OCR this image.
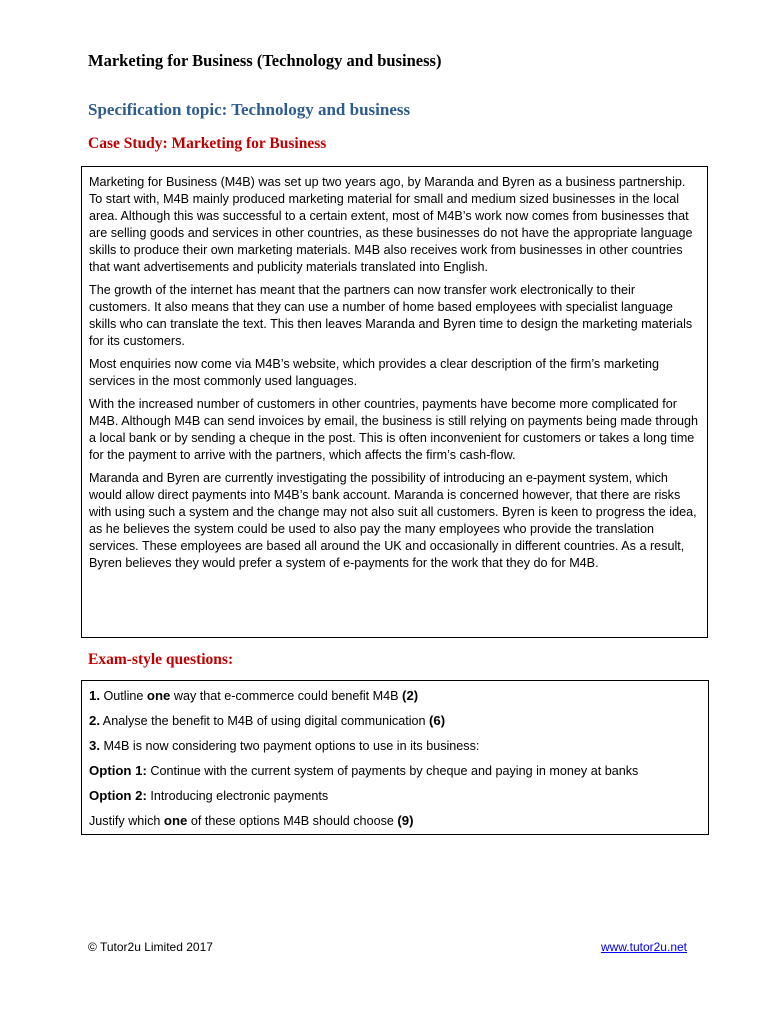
Marketing for Business (Technology and business)
Specification topic: Technology and business
Case Study: Marketing for Business

Marketing for Business (M4B) was set up two years ago, by Maranda and Byren as a business partnership. To start with, M4B mainly produced marketing material for small and medium sized businesses in the local area. Although this was successful to a certain extent, most of M4B’s work now comes from businesses that are selling goods and services in other countries, as these businesses do not have the appropriate language skills to produce their own marketing materials. M4B also receives work from businesses in other countries that want advertisements and publicity materials translated into English.

The growth of the internet has meant that the partners can now transfer work electronically to their customers. It also means that they can use a number of home based employees with specialist language skills who can translate the text. This then leaves Maranda and Byren time to design the marketing materials for its customers.

Most enquiries now come via M4B’s website, which provides a clear description of the firm’s marketing services in the most commonly used languages.

With the increased number of customers in other countries, payments have become more complicated for M4B. Although M4B can send invoices by email, the business is still relying on payments being made through a local bank or by sending a cheque in the post. This is often inconvenient for customers or takes a long time for the payment to arrive with the partners, which affects the firm’s cash-flow.

Maranda and Byren are currently investigating the possibility of introducing an e-payment system, which would allow direct payments into M4B’s bank account. Maranda is concerned however, that there are risks with using such a system and the change may not also suit all customers. Byren is keen to progress the idea, as he believes the system could be used to also pay the many employees who provide the translation services. These employees are based all around the UK and occasionally in different countries. As a result, Byren believes they would prefer a system of e-payments for the work that they do for M4B.

Exam-style questions:

1. Outline one way that e-commerce could benefit M4B (2)

2. Analyse the benefit to M4B of using digital communication (6)

3. M4B is now considering two payment options to use in its business:

Option 1: Continue with the current system of payments by cheque and paying in money at banks

Option 2: Introducing electronic payments

Justify which one of these options M4B should choose (9)

© Tutor2u Limited 2017	www.tutor2u.net
